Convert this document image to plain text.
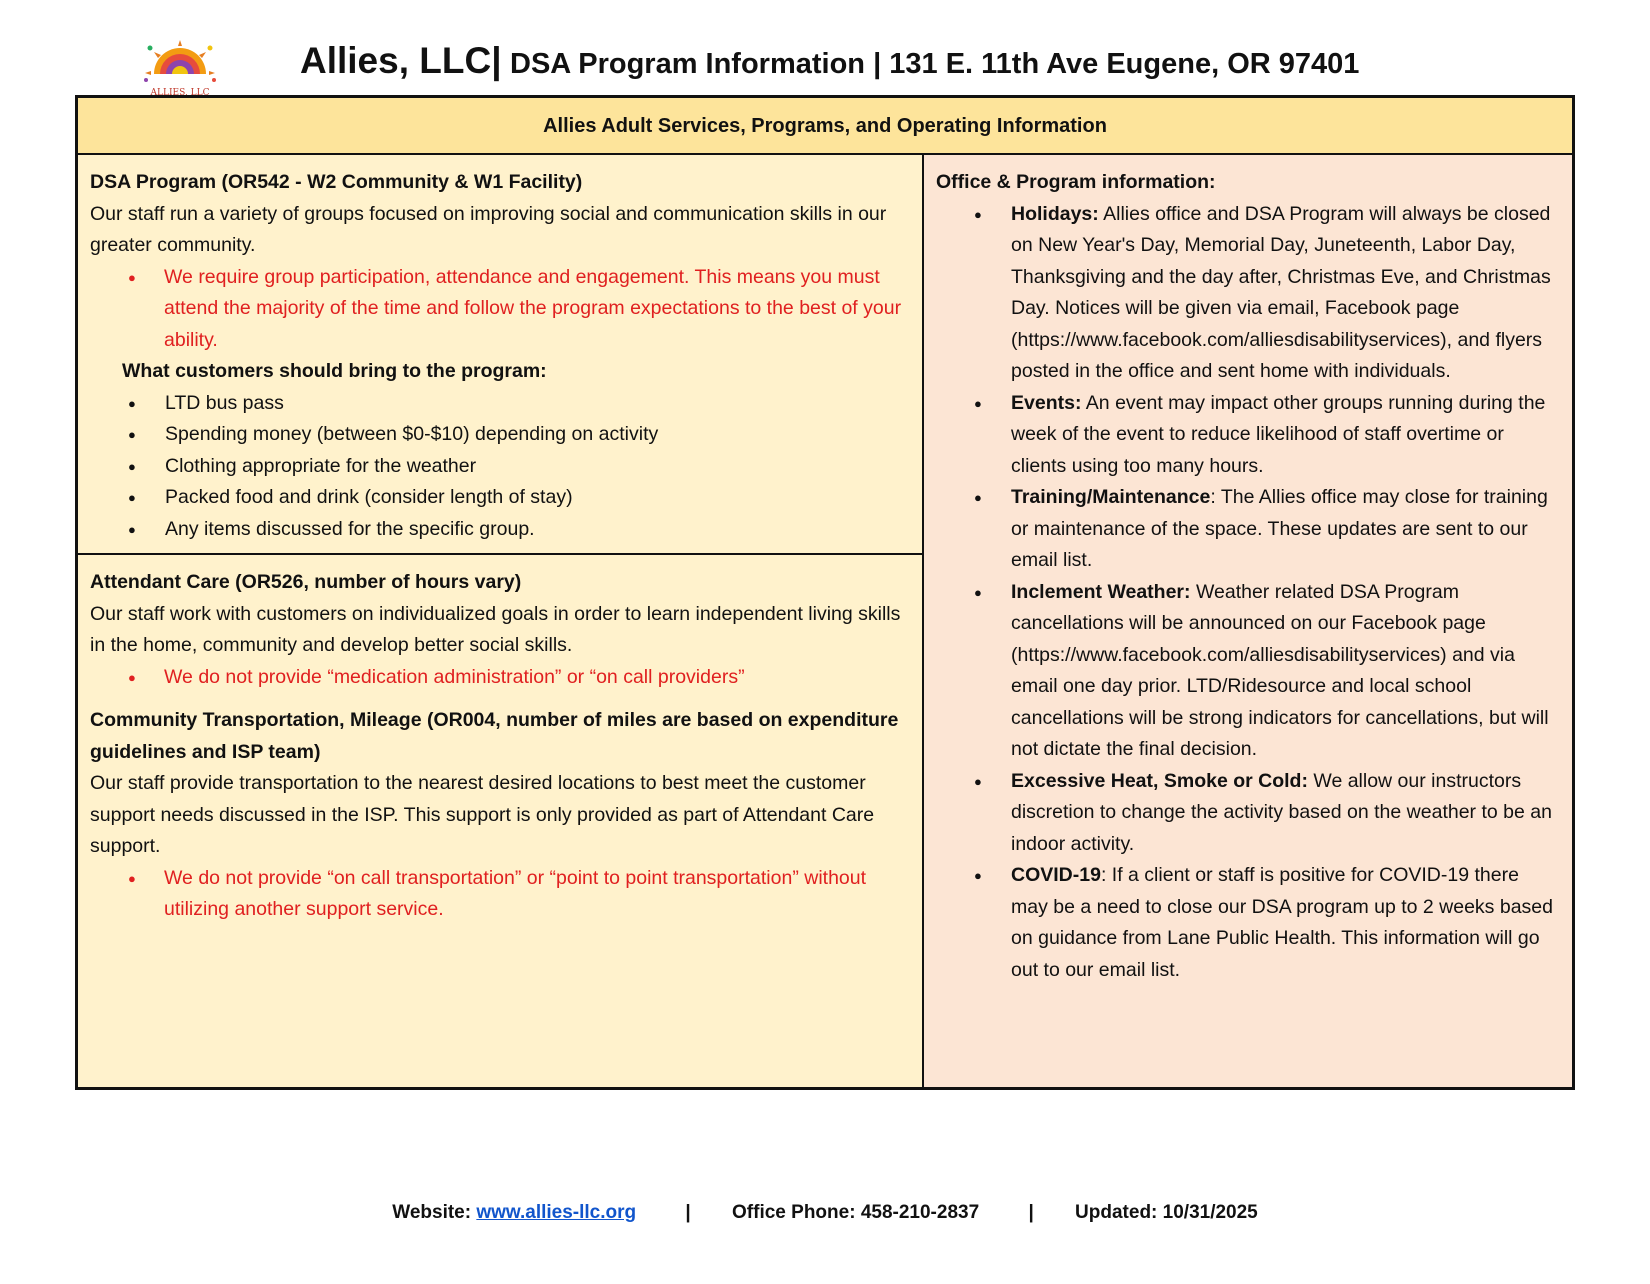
ALLIES, LLC
Allies, LLC| DSA Program Information | 131 E. 11th Ave Eugene, OR 97401
Allies Adult Services, Programs, and Operating Information
DSA Program (OR542 - W2 Community & W1 Facility)

Our staff run a variety of groups focused on improving social and communication skills in our greater community.

● We require group participation, attendance and engagement. This means you must attend the majority of the time and follow the program expectations to the best of your ability.
What customers should bring to the program:
● LTD bus pass
● Spending money (between $0-$10) depending on activity
● Clothing appropriate for the weather
● Packed food and drink (consider length of stay)
● Any items discussed for the specific group.
Attendant Care (OR526, number of hours vary)

Our staff work with customers on individualized goals in order to learn independent living skills in the home, community and develop better social skills.

● We do not provide “medication administration” or “on call providers”
Community Transportation, Mileage (OR004, number of miles are based on expenditure guidelines and ISP team)

Our staff provide transportation to the nearest desired locations to best meet the customer support needs discussed in the ISP. This support is only provided as part of Attendant Care support.

● We do not provide “on call transportation” or “point to point transportation” without utilizing another support service.
Office & Program information:
● Holidays: Allies office and DSA Program will always be closed on New Year's Day, Memorial Day, Juneteenth, Labor Day, Thanksgiving and the day after, Christmas Eve, and Christmas Day. Notices will be given via email, Facebook page (https://www.facebook.com/alliesdisabilityservices), and flyers posted in the office and sent home with individuals.
● Events: An event may impact other groups running during the week of the event to reduce likelihood of staff overtime or clients using too many hours.
● Training/Maintenance: The Allies office may close for training or maintenance of the space. These updates are sent to our email list.
● Inclement Weather: Weather related DSA Program cancellations will be announced on our Facebook page (https://www.facebook.com/alliesdisabilityservices) and via email one day prior. LTD/Ridesource and local school cancellations will be strong indicators for cancellations, but will not dictate the final decision.
● Excessive Heat, Smoke or Cold: We allow our instructors discretion to change the activity based on the weather to be an indoor activity.
● COVID-19: If a client or staff is positive for COVID-19 there may be a need to close our DSA program up to 2 weeks based on guidance from Lane Public Health. This information will go out to our email list.
Website: www.allies-llc.org	| Office Phone: 458-210-2837	| Updated: 10/31/2025
